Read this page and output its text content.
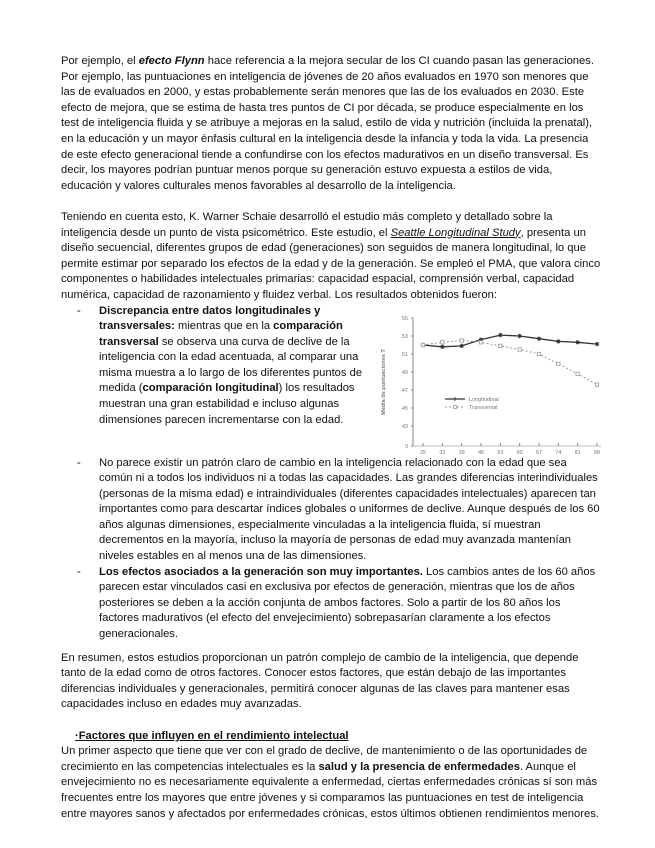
Por ejemplo, el efecto Flynn hace referencia a la mejora secular de los CI cuando pasan las generaciones. Por ejemplo, las puntuaciones en inteligencia de jóvenes de 20 años evaluados en 1970 son menores que las de evaluados en 2000, y estas probablemente serán menores que las de los evaluados en 2030. Este efecto de mejora, que se estima de hasta tres puntos de CI por década, se produce especialmente en los test de inteligencia fluida y se atribuye a mejoras en la salud, estilo de vida y nutrición (incluida la prenatal), en la educación y un mayor énfasis cultural en la inteligencia desde la infancia y toda la vida. La presencia de este efecto generacional tiende a confundirse con los efectos madurativos en un diseño transversal. Es decir, los mayores podrían puntuar menos porque su generación estuvo expuesta a estilos de vida, educación y valores culturales menos favorables al desarrollo de la inteligencia.

Teniendo en cuenta esto, K. Warner Schaie desarrolló el estudio más completo y detallado sobre la inteligencia desde un punto de vista psicométrico. Este estudio, el Seattle Longitudinal Study, presenta un diseño secuencial, diferentes grupos de edad (generaciones) son seguidos de manera longitudinal, lo que permite estimar por separado los efectos de la edad y de la generación. Se empleó el PMA, que valora cinco componentes o habilidades intelectuales primarias: capacidad espacial, comprensión verbal, capacidad numérica, capacidad de razonamiento y fluidez verbal. Los resultados obtenidos fueron:

0
43
45
47
49
51
53
55
25 32 39 46 53 60 67 74 81 88
Media de puntuaciones T	Longitudinal
Transversal
- Discrepancia entre datos longitudinales y transversales: mientras que en la comparación transversal se observa una curva de declive de la inteligencia con la edad acentuada, al comparar una misma muestra a lo largo de los diferentes puntos de medida (comparación longitudinal) los resultados muestran una gran estabilidad e incluso algunas dimensiones parecen incrementarse con la edad.
- No parece existir un patrón claro de cambio en la inteligencia relacionado con la edad que sea común ni a todos los individuos ni a todas las capacidades. Las grandes diferencias interindividuales (personas de la misma edad) e intraindividuales (diferentes capacidades intelectuales) aparecen tan importantes como para descartar índices globales o uniformes de declive. Aunque después de los 60 años algunas dimensiones, especialmente vinculadas a la inteligencia fluida, sí muestran decrementos en la mayoría, incluso la mayoría de personas de edad muy avanzada mantenían niveles estables en al menos una de las dimensiones.
- Los efectos asociados a la generación son muy importantes. Los cambios antes de los 60 años parecen estar vinculados casi en exclusiva por efectos de generación, mientras que los de años posteriores se deben a la acción conjunta de ambos factores. Solo a partir de los 80 años los factores madurativos (el efecto del envejecimiento) sobrepasarían claramente a los efectos generacionales.

En resumen, estos estudios proporcionan un patrón complejo de cambio de la inteligencia, que depende tanto de la edad como de otros factores. Conocer estos factores, que están debajo de las importantes diferencias individuales y generacionales, permitirá conocer algunas de las claves para mantener esas capacidades incluso en edades muy avanzadas.

·Factores que influyen en el rendimiento intelectual

Un primer aspecto que tiene que ver con el grado de declive, de mantenimiento o de las oportunidades de crecimiento en las competencias intelectuales es la salud y la presencia de enfermedades. Aunque el envejecimiento no es necesariamente equivalente a enfermedad, ciertas enfermedades crónicas sí son más frecuentes entre los mayores que entre jóvenes y si comparamos las puntuaciones en test de inteligencia entre mayores sanos y afectados por enfermedades crónicas, estos últimos obtienen rendimientos menores.
